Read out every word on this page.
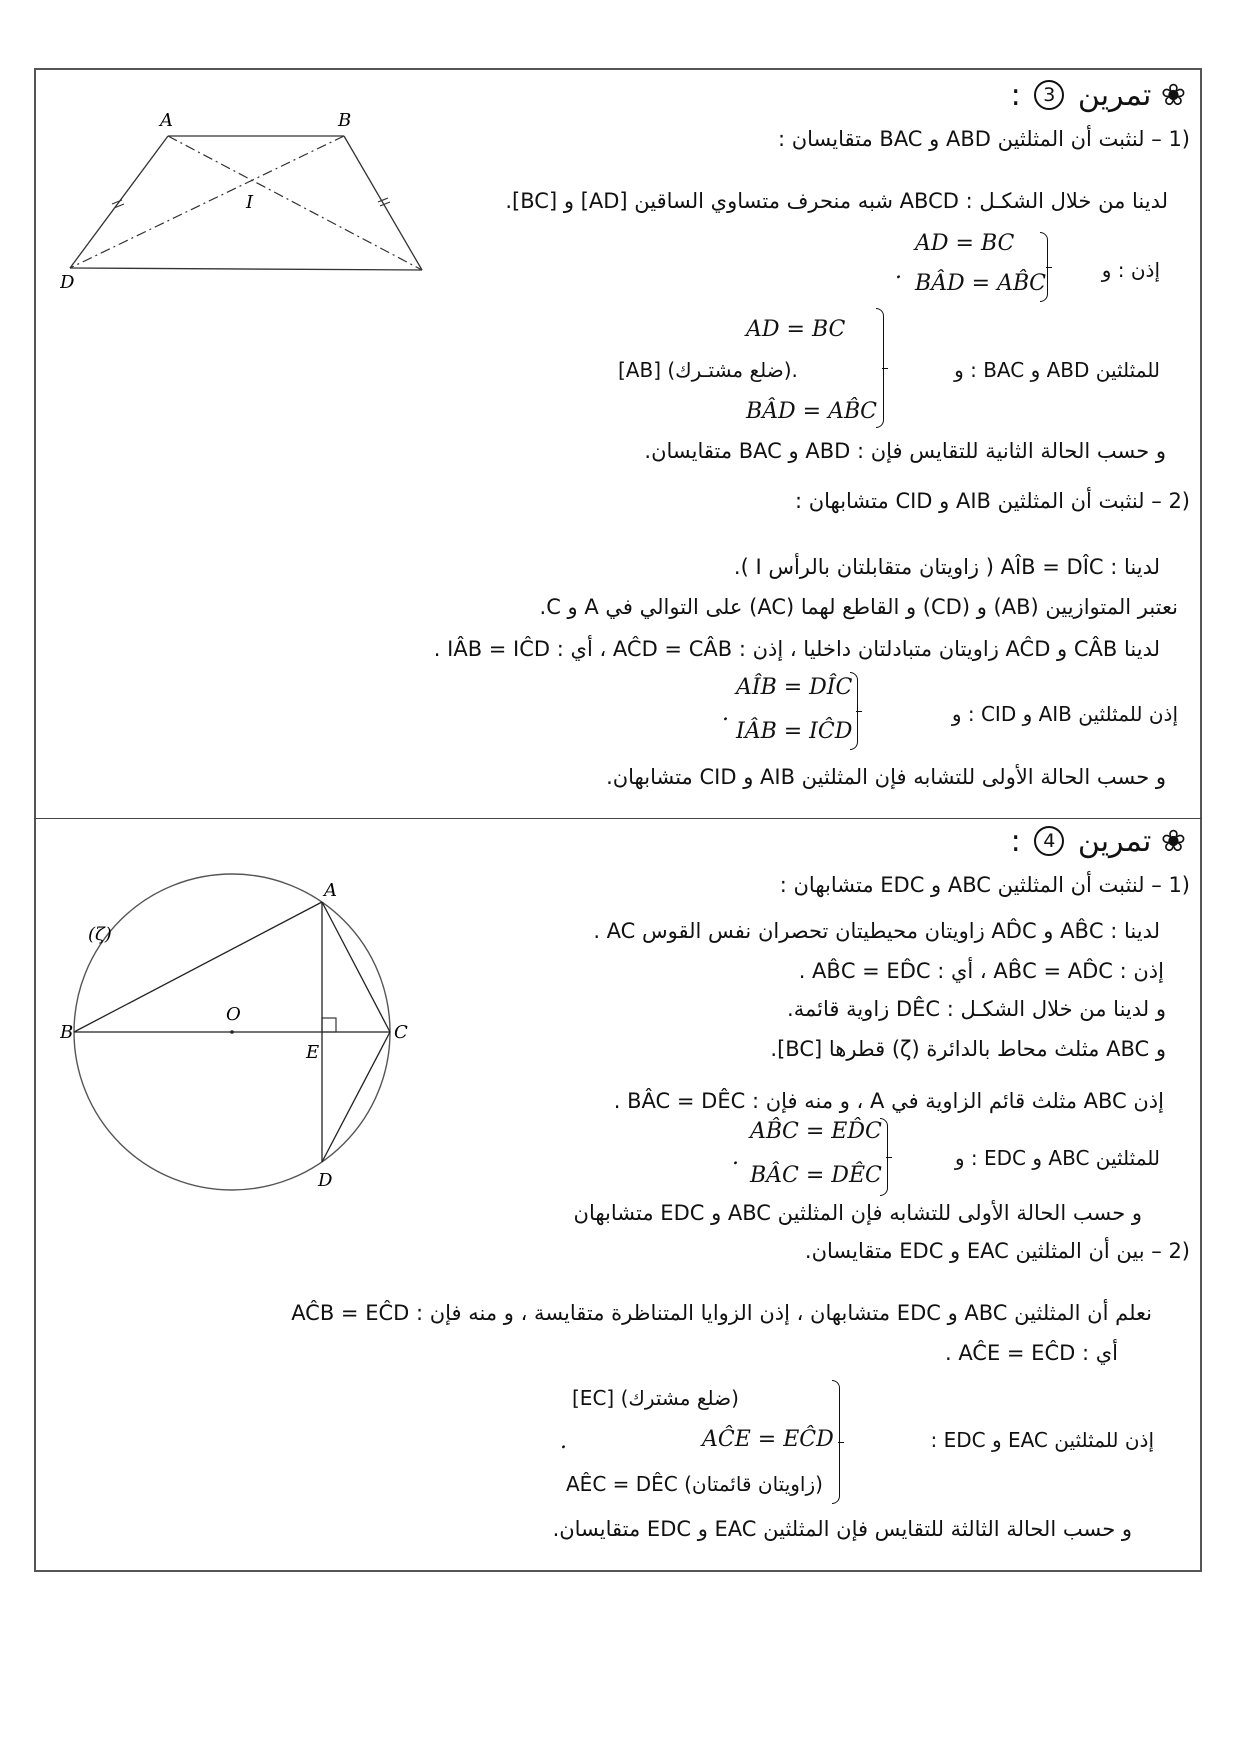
❀ تمرين 3 :
1) – لنثبت أن المثلثين ABD و BAC متقايسان :
لدينا من خلال الشكـل : ABCD شبه منحرف متساوي الساقين [AD] و [BC].
إذن : و
AD = BC
BÂD = AB̂C
.
للمثلثين ABD و BAC : و
AD = BC
[AB] (ضلع مشتـرك).
BÂD = AB̂C
و حسب الحالة الثانية للتقايس فإن : ABD و BAC متقايسان.
2) – لنثبت أن المثلثين AIB و CID متشابهان :
لدينا : AÎB = DÎC ( زاويتان متقابلتان بالرأس I ).
نعتبر المتوازيين (AB) و (CD) و القاطع لهما (AC) على التوالي في A و C.
لدينا CÂB و AĈD زاويتان متبادلتان داخليا ، إذن : AĈD = CÂB ، أي : IÂB = IĈD .
إذن للمثلثين AIB و CID : و
AÎB = DÎC
IÂB = IĈD
.
و حسب الحالة الأولى للتشابه فإن المثلثين AIB و CID متشابهان.
A	B
D
I
❀ تمرين 4 :
1) – لنثبت أن المثلثين ABC و EDC متشابهان :
لدينا : AB̂C و AD̂C زاويتان محيطيتان تحصران نفس القوس AC .
إذن : AB̂C = AD̂C ، أي : AB̂C = ED̂C .
و لدينا من خلال الشكـل : DÊC زاوية قائمة.
و ABC مثلث محاط بالدائرة (ζ) قطرها [BC].
إذن ABC مثلث قائم الزاوية في A ، و منه فإن : BÂC = DÊC .
للمثلثين ABC و EDC : و
AB̂C = ED̂C
BÂC = DÊC
.
و حسب الحالة الأولى للتشابه فإن المثلثين ABC و EDC متشابهان
2) – بين أن المثلثين EAC و EDC متقايسان.
نعلم أن المثلثين ABC و EDC متشابهان ، إذن الزوايا المتناظرة متقايسة ، و منه فإن : AĈB = EĈD
أي : AĈE = EĈD .
إذن للمثلثين EAC و EDC :
[EC] (ضلع مشترك)
AĈE = EĈD
AÊC = DÊC (زاويتان قائمتان)
.
و حسب الحالة الثالثة للتقايس فإن المثلثين EAC و EDC متقايسان.
A
B	C
D
E
O
(ζ)
